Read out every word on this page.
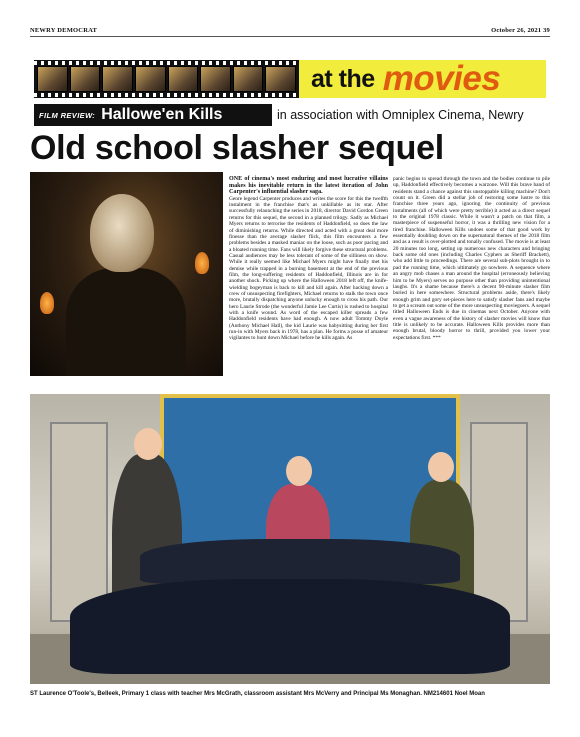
NEWRY DEMOCRAT	October 26, 2021 39
at the movies
FILM REVIEW: Hallowe'en Kills	in association with Omniplex Cinema, Newry
Old school slasher sequel

ONE of cinema's most enduring and most lucrative villains makes his inevitable return in the latest iteration of John Carpenter's influential slasher saga.

Genre legend Carpenter produces and writes the score for this the twelfth instalment in the franchise that's as unkillable as its star. After successfully relaunching the series in 2018, director David Gordon Green returns for this sequel, the second in a planned trilogy. Sadly as Michael Myers returns to terrorise the residents of Haddonfield, so does the law of diminishing returns. While directed and acted with a great deal more finesse than the average slasher flick, this film encounters a few problems besides a masked maniac on the loose, such as poor pacing and a bloated running time. Fans will likely forgive these structural problems. Casual audiences may be less tolerant of some of the silliness on show. While it really seemed like Michael Myers might have finally met his demise while trapped in a burning basement at the end of the previous film, the long-suffering residents of Haddonfield, Illinois are in for another shock. Picking up where the Halloween 2018 left off, the knife-wielding bogeyman is back to kill and kill again. After hacking down a crew of unsuspecting firefighters, Michael returns to stalk the town once more, brutally dispatching anyone unlucky enough to cross his path. Our hero Laurie Strode (the wonderful Jamie Lee Curtis) is rushed to hospital with a knife wound. As word of the escaped killer spreads a few Haddonfield residents have had enough. A now adult Tommy Doyle (Anthony Michael Hall), the kid Laurie was babysitting during her first run-in with Myers back in 1978, has a plan. He forms a posse of amateur vigilantes to hunt down Michael before he kills again. As

panic begins to spread through the town and the bodies continue to pile up, Haddonfield effectively becomes a warzone. Will this brave band of residents stand a chance against this unstoppable killing machine? Don't count on it. Green did a stellar job of restoring some lustre to this franchise three years ago, ignoring the continuity of previous instalments (all of which were pretty terrible) it acted as a direct sequel to the original 1978 classic. While it wasn't a patch on that film, a masterpiece of suspenseful horror, it was a thrilling new vision for a tired franchise. Halloween Kills undoes some of that good work by essentially doubling down on the supernatural themes of the 2018 film and as a result is over-plotted and tonally confused. The movie is at least 20 minutes too long, setting up numerous new characters and bringing back some old ones (including Charles Cyphers as Sheriff Brackett), who add little to proceedings. There are several sub-plots brought in to pad the running time, which ultimately go nowhere. A sequence where an angry mob chases a man around the hospital (erroneously believing him to be Myers) serves no purpose other than providing unintentional laughs. It's a shame because there's a decent 90-minute slasher film buried in here somewhere. Structural problems aside, there's likely enough grim and gory set-pieces here to satisfy slasher fans and maybe to get a scream out some of the more unsuspecting moviegoers. A sequel titled Halloween Ends is due in cinemas next October. Anyone with even a vague awareness of the history of slasher movies will know that title is unlikely to be accurate. Halloween Kills provides more than enough brutal, bloody horror to thrill, provided you lower your expectations first. ***

ST Laurence O'Toole's, Belleek, Primary 1 class with teacher Mrs McGrath, classroom assistant Mrs McVerry and Principal Ms Monaghan. NM214601 Noel Moan
